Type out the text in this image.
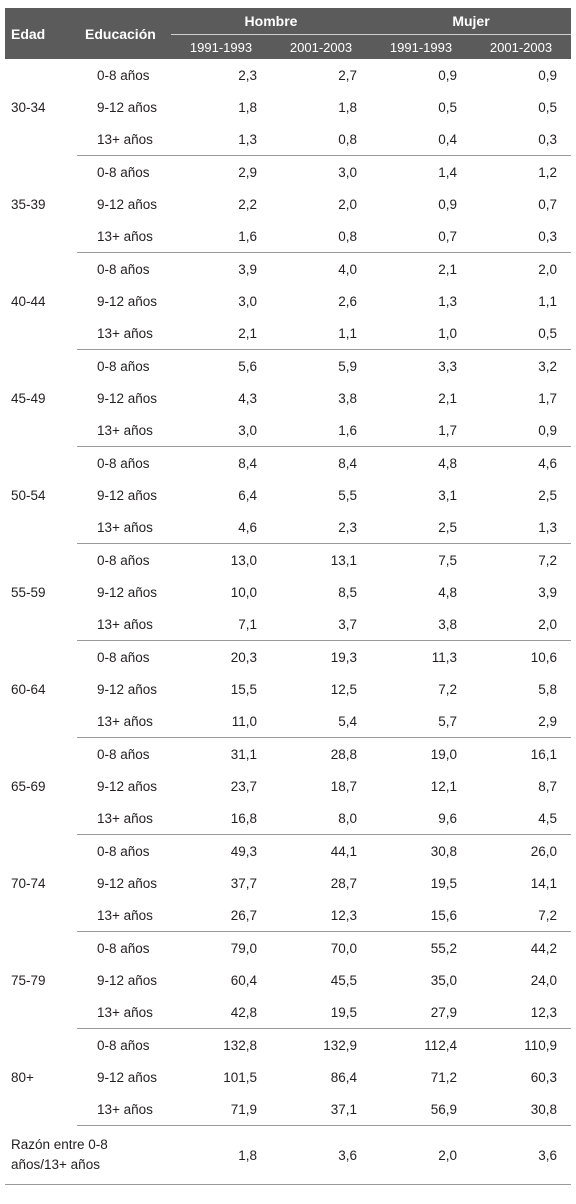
Edad	Educación	Hombre		Mujer	
		1991-1993	2001-2003	1991-1993	2001-2003
30-34	0-8 años	2,3	2,7	0,9	0,9
	9-12 años	1,8	1,8	0,5	0,5
	13+ años	1,3	0,8	0,4	0,3
35-39	0-8 años	2,9	3,0	1,4	1,2
	9-12 años	2,2	2,0	0,9	0,7
	13+ años	1,6	0,8	0,7	0,3
40-44	0-8 años	3,9	4,0	2,1	2,0
	9-12 años	3,0	2,6	1,3	1,1
	13+ años	2,1	1,1	1,0	0,5
45-49	0-8 años	5,6	5,9	3,3	3,2
	9-12 años	4,3	3,8	2,1	1,7
	13+ años	3,0	1,6	1,7	0,9
50-54	0-8 años	8,4	8,4	4,8	4,6
	9-12 años	6,4	5,5	3,1	2,5
	13+ años	4,6	2,3	2,5	1,3
55-59	0-8 años	13,0	13,1	7,5	7,2
	9-12 años	10,0	8,5	4,8	3,9
	13+ años	7,1	3,7	3,8	2,0
60-64	0-8 años	20,3	19,3	11,3	10,6
	9-12 años	15,5	12,5	7,2	5,8
	13+ años	11,0	5,4	5,7	2,9
65-69	0-8 años	31,1	28,8	19,0	16,1
	9-12 años	23,7	18,7	12,1	8,7
	13+ años	16,8	8,0	9,6	4,5
70-74	0-8 años	49,3	44,1	30,8	26,0
	9-12 años	37,7	28,7	19,5	14,1
	13+ años	26,7	12,3	15,6	7,2
75-79	0-8 años	79,0	70,0	55,2	44,2
	9-12 años	60,4	45,5	35,0	24,0
	13+ años	42,8	19,5	27,9	12,3
80+	0-8 años	132,8	132,9	112,4	110,9
	9-12 años	101,5	86,4	71,2	60,3
	13+ años	71,9	37,1	56,9	30,8
Razón entre 0-8 años/13+ años		1,8	3,6	2,0	3,6
